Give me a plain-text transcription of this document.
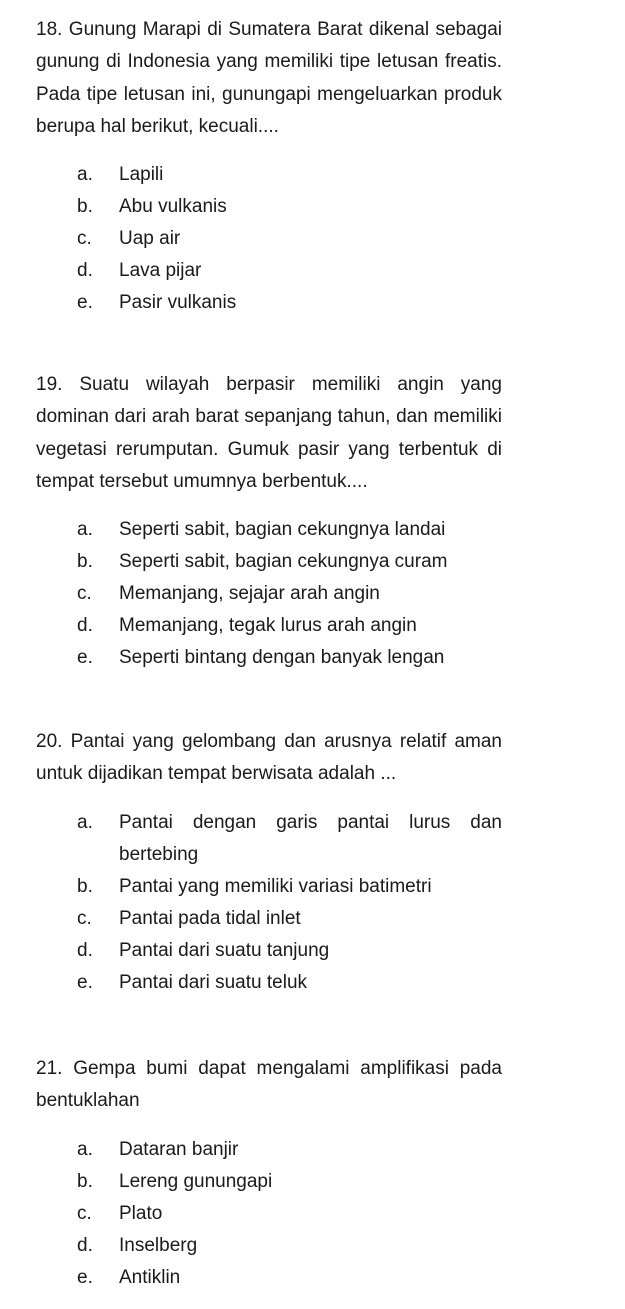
18. Gunung Marapi di Sumatera Barat dikenal sebagai gunung di Indonesia yang memiliki tipe letusan freatis. Pada tipe letusan ini, gunungapi mengeluarkan produk berupa hal berikut, kecuali....

a.	Lapili
b.	Abu vulkanis
c.	Uap air
d.	Lava pijar
e.	Pasir vulkanis

19. Suatu wilayah berpasir memiliki angin yang dominan dari arah barat sepanjang tahun, dan memiliki vegetasi rerumputan. Gumuk pasir yang terbentuk di tempat tersebut umumnya berbentuk....

a.	Seperti sabit, bagian cekungnya landai
b.	Seperti sabit, bagian cekungnya curam
c.	Memanjang, sejajar arah angin
d.	Memanjang, tegak lurus arah angin
e.	Seperti bintang dengan banyak lengan

20. Pantai yang gelombang dan arusnya relatif aman untuk dijadikan tempat berwisata adalah ...

a.	Pantai dengan garis pantai lurus dan bertebing
b.	Pantai yang memiliki variasi batimetri
c.	Pantai pada tidal inlet
d.	Pantai dari suatu tanjung
e.	Pantai dari suatu teluk

21. Gempa bumi dapat mengalami amplifikasi pada bentuklahan

a.	Dataran banjir
b.	Lereng gunungapi
c.	Plato
d.	Inselberg
e.	Antiklin
